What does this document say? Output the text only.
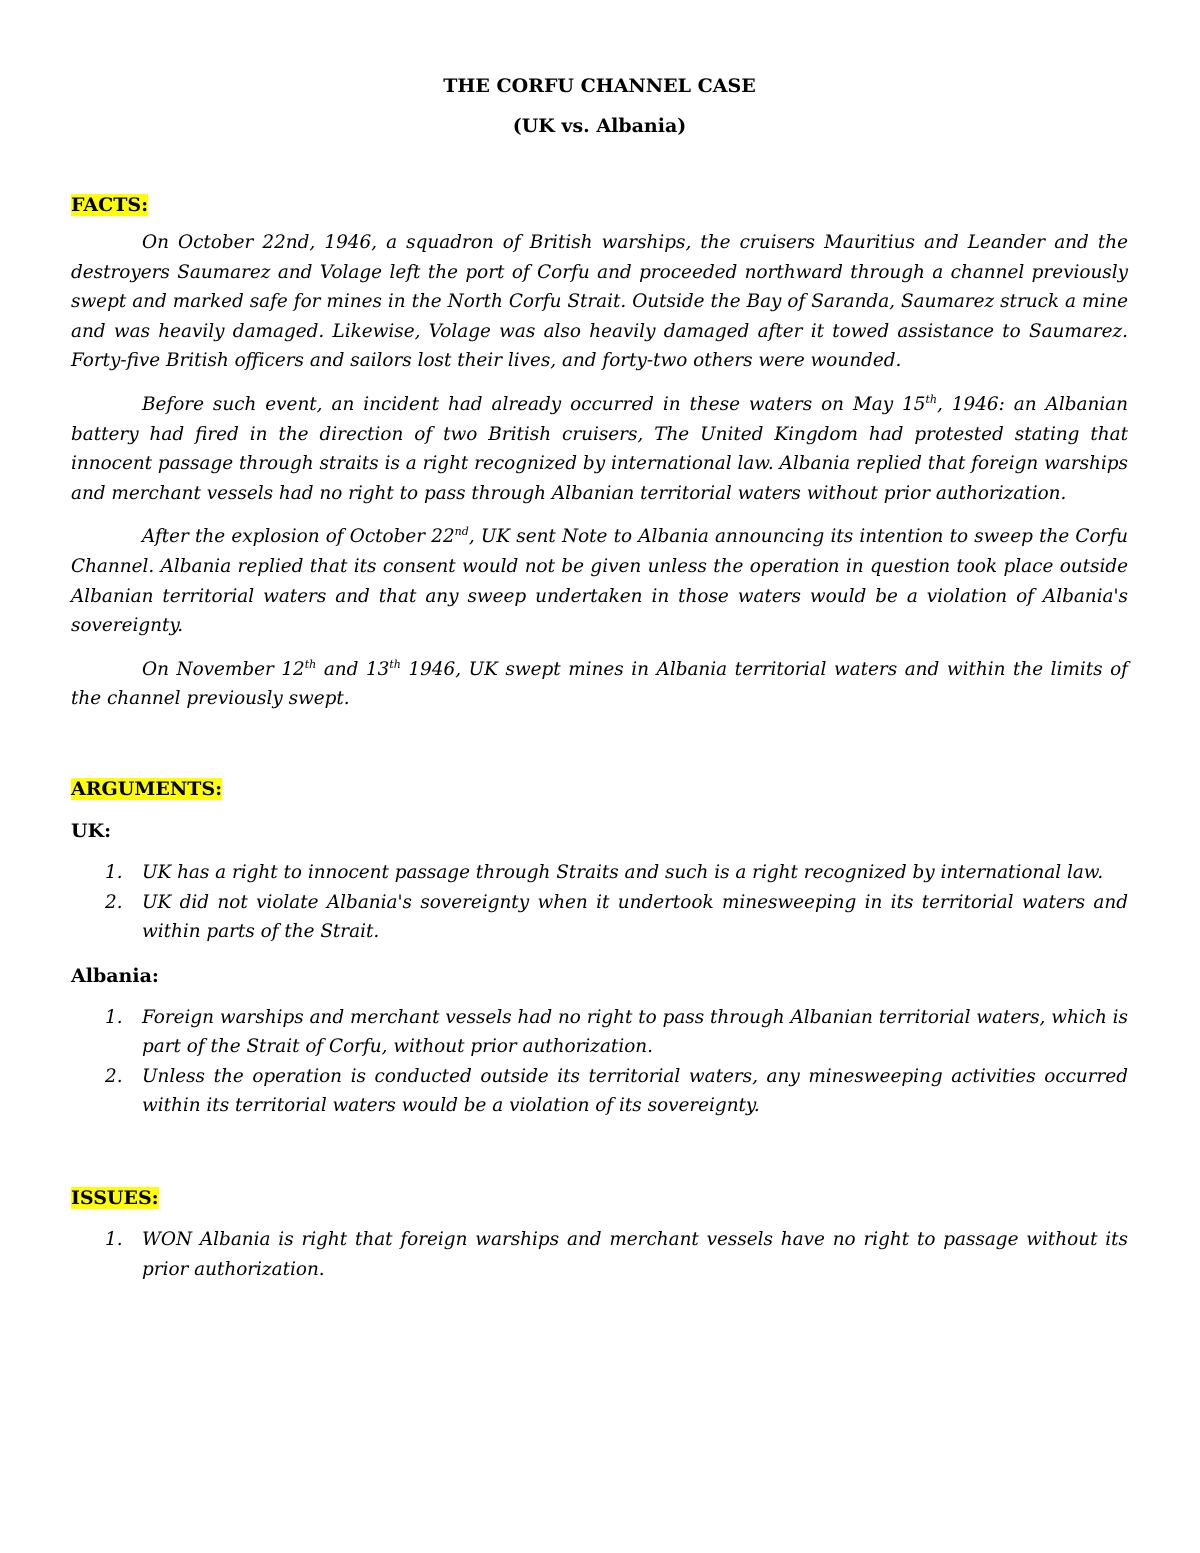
THE CORFU CHANNEL CASE

(UK vs. Albania)

FACTS:

On October 22nd, 1946, a squadron of British warships, the cruisers Mauritius and Leander and the destroyers Saumarez and Volage left the port of Corfu and proceeded northward through a channel previously swept and marked safe for mines in the North Corfu Strait. Outside the Bay of Saranda, Saumarez struck a mine and was heavily damaged. Likewise, Volage was also heavily damaged after it towed assistance to Saumarez. Forty-five British officers and sailors lost their lives, and forty-two others were wounded.

Before such event, an incident had already occurred in these waters on May 15th, 1946: an Albanian battery had fired in the direction of two British cruisers, The United Kingdom had protested stating that innocent passage through straits is a right recognized by international law. Albania replied that foreign warships and merchant vessels had no right to pass through Albanian territorial waters without prior authorization.

After the explosion of October 22nd, UK sent Note to Albania announcing its intention to sweep the Corfu Channel. Albania replied that its consent would not be given unless the operation in question took place outside Albanian territorial waters and that any sweep undertaken in those waters would be a violation of Albania's sovereignty.

On November 12th and 13th 1946, UK swept mines in Albania territorial waters and within the limits of the channel previously swept.

ARGUMENTS:

UK:

1. UK has a right to innocent passage through Straits and such is a right recognized by international law.
2. UK did not violate Albania's sovereignty when it undertook minesweeping in its territorial waters and within parts of the Strait.

Albania:

1. Foreign warships and merchant vessels had no right to pass through Albanian territorial waters, which is part of the Strait of Corfu, without prior authorization.
2. Unless the operation is conducted outside its territorial waters, any minesweeping activities occurred within its territorial waters would be a violation of its sovereignty.

ISSUES:

1. WON Albania is right that foreign warships and merchant vessels have no right to passage without its prior authorization.
